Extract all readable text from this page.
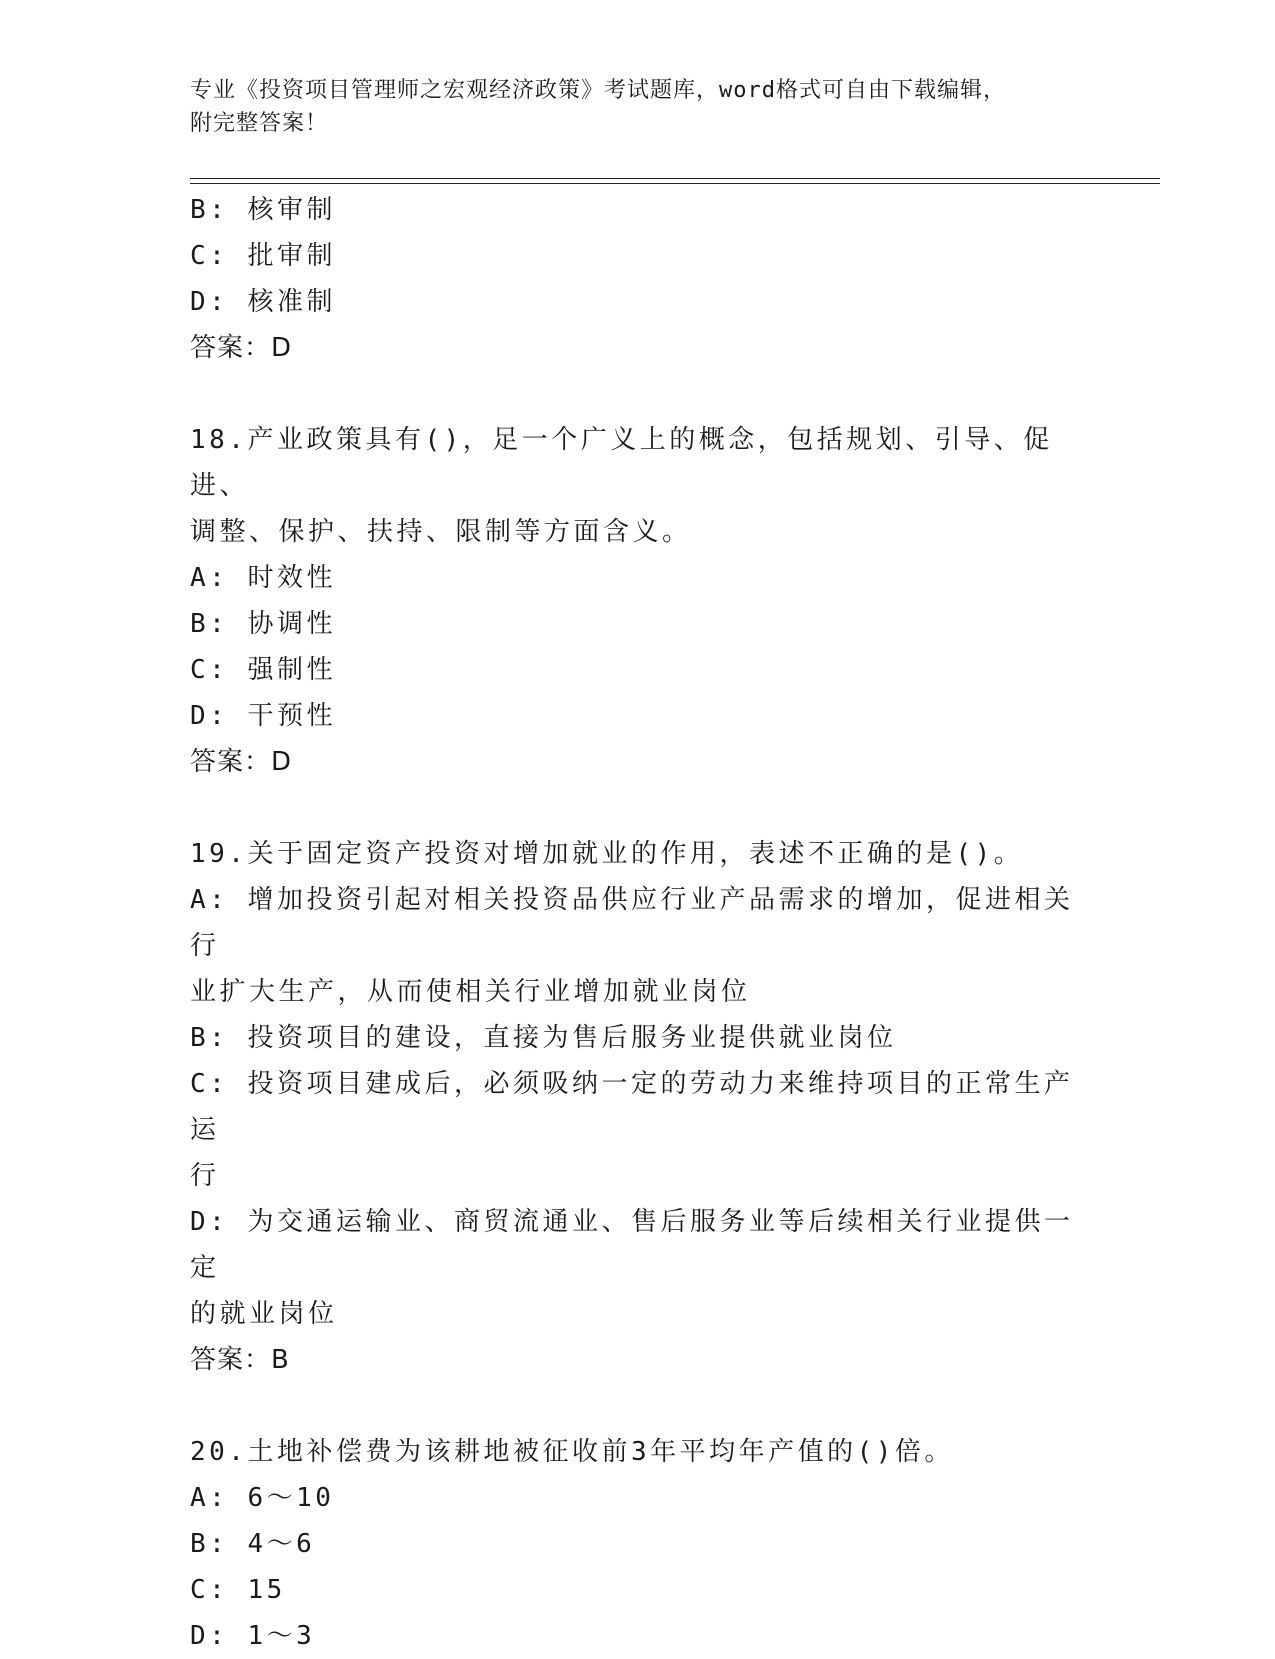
专业《投资项目管理师之宏观经济政策》考试题库，word格式可自由下载编辑，
附完整答案！
B: 核审制
C: 批审制
D: 核准制
答案：D
18.产业政策具有()，足一个广义上的概念，包括规划、引导、促进、
调整、保护、扶持、限制等方面含义。
A: 时效性
B: 协调性
C: 强制性
D: 干预性
答案：D
19.关于固定资产投资对增加就业的作用，表述不正确的是()。
A: 增加投资引起对相关投资品供应行业产品需求的增加，促进相关行
业扩大生产，从而使相关行业增加就业岗位
B: 投资项目的建设，直接为售后服务业提供就业岗位
C: 投资项目建成后，必须吸纳一定的劳动力来维持项目的正常生产运
行
D: 为交通运输业、商贸流通业、售后服务业等后续相关行业提供一定
的就业岗位
答案：B
20.土地补偿费为该耕地被征收前3年平均年产值的()倍。
A: 6～10
B: 4～6
C: 15
D: 1～3
